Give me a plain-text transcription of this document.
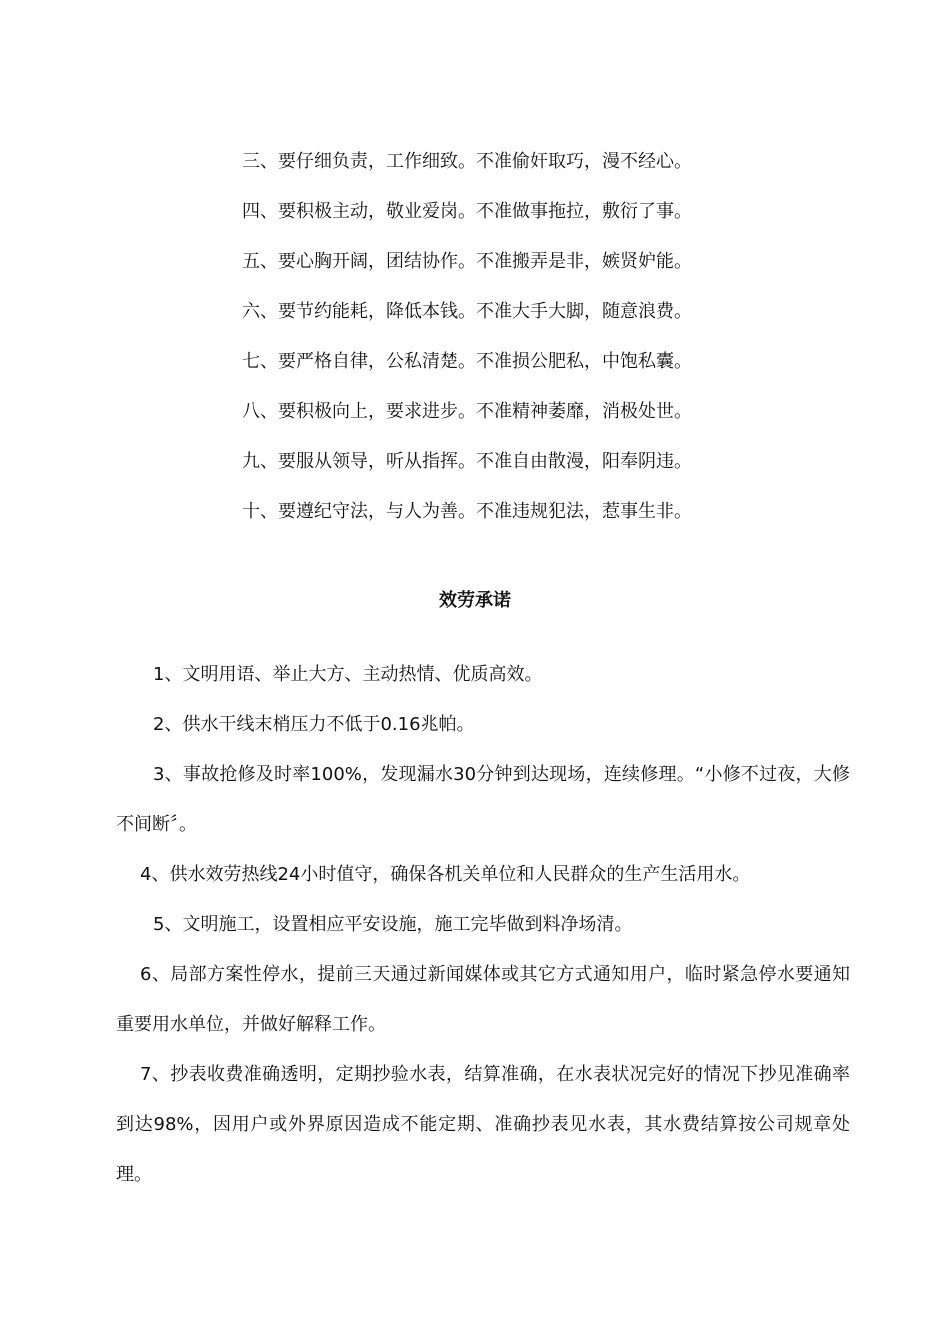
三、要仔细负责，工作细致。不准偷奸取巧，漫不经心。
四、要积极主动，敬业爱岗。不准做事拖拉，敷衍了事。
五、要心胸开阔，团结协作。不准搬弄是非，嫉贤妒能。
六、要节约能耗，降低本钱。不准大手大脚，随意浪费。
七、要严格自律，公私清楚。不准损公肥私，中饱私囊。
八、要积极向上，要求进步。不准精神萎靡，消极处世。
九、要服从领导，听从指挥。不准自由散漫，阳奉阴违。
十、要遵纪守法，与人为善。不准违规犯法，惹事生非。
效劳承诺

1、文明用语、举止大方、主动热情、优质高效。

2、供水干线末梢压力不低于0.16兆帕。

3、事故抢修及时率100%，发现漏水30分钟到达现场，连续修理。“小修不过夜，大修不间断〞。

4、供水效劳热线24小时值守，确保各机关单位和人民群众的生产生活用水。

5、文明施工，设置相应平安设施，施工完毕做到料净场清。

6、局部方案性停水，提前三天通过新闻媒体或其它方式通知用户，临时紧急停水要通知重要用水单位，并做好解释工作。

7、抄表收费准确透明，定期抄验水表，结算准确，在水表状况完好的情况下抄见准确率到达98%，因用户或外界原因造成不能定期、准确抄表见水表，其水费结算按公司规章处理。
